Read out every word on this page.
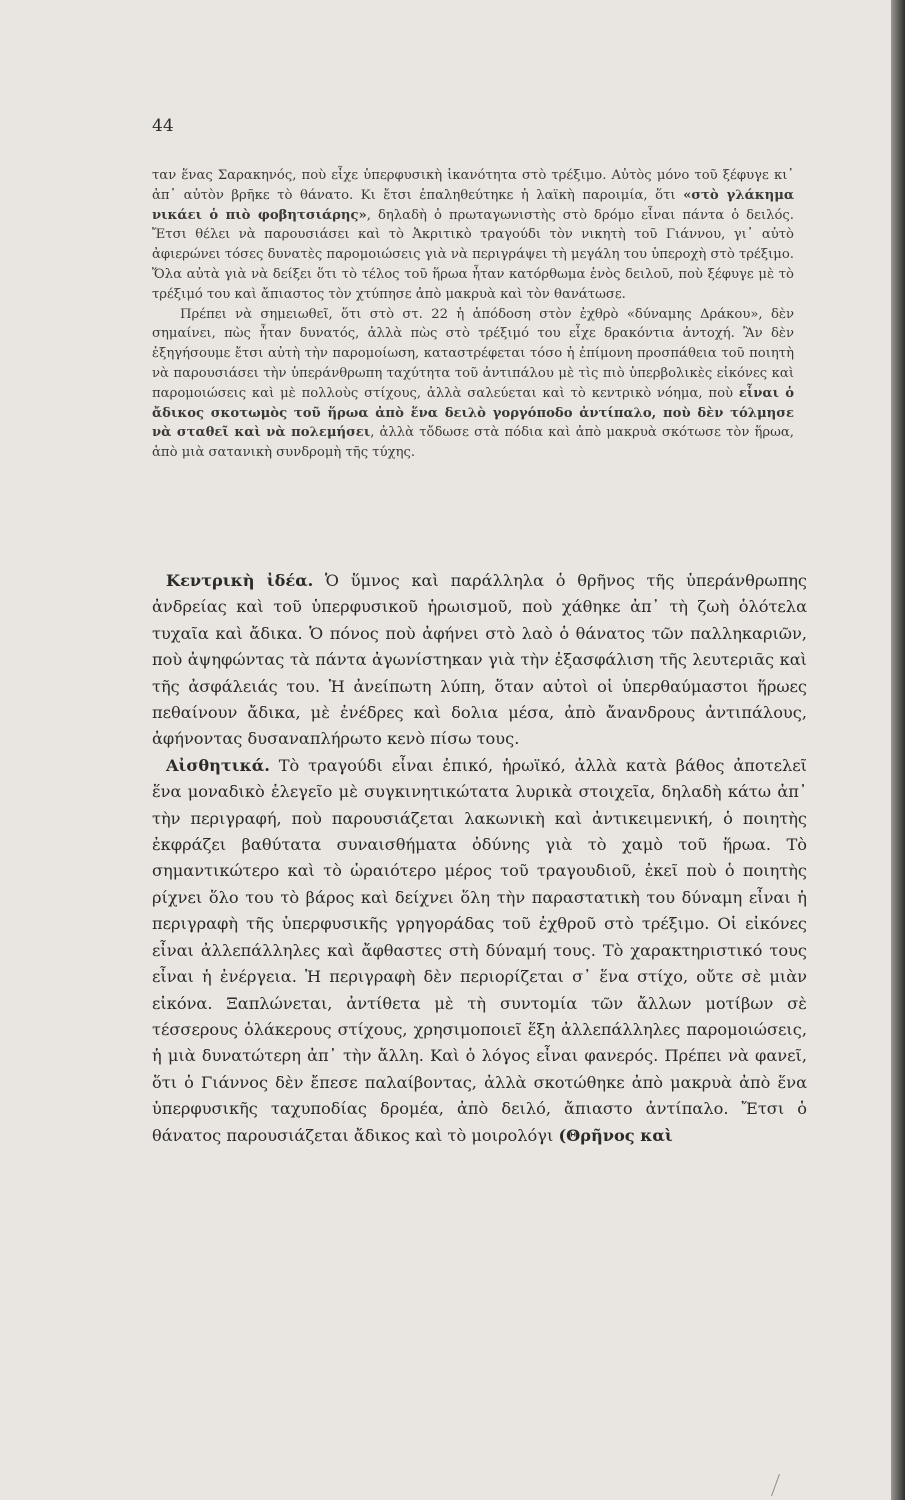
44

ταν ἕνας Σαρακηνός, ποὺ εἶχε ὑπερφυσικὴ ἱκανότητα στὸ τρέξιμο. Αὐτὸς μόνο τοῦ ξέφυγε κι᾽ ἀπ᾽ αὐτὸν βρῆκε τὸ θάνατο. Κι ἔτσι ἐπαληθεύτηκε ἡ λαϊκὴ παροιμία, ὅτι «στὸ γλάκημα νικάει ὁ πιὸ φοβητσιάρης», δηλαδὴ ὁ πρωταγωνιστὴς στὸ δρόμο εἶναι πάντα ὁ δειλός. Ἔτσι θέλει νὰ παρουσιάσει καὶ τὸ Ἀκριτικὸ τραγούδι τὸν νικητὴ τοῦ Γιάννου, γι᾽ αὐτὸ ἀφιερώνει τόσες δυνατὲς παρομοιώσεις γιὰ νὰ περιγράψει τὴ μεγάλη του ὑπεροχὴ στὸ τρέξιμο. Ὅλα αὐτὰ γιὰ νὰ δείξει ὅτι τὸ τέλος τοῦ ἥρωα ἦταν κατόρθωμα ἑνὸς δειλοῦ, ποὺ ξέφυγε μὲ τὸ τρέξιμό του καὶ ἄπιαστος τὸν χτύπησε ἀπὸ μακρυὰ καὶ τὸν θανάτωσε.

Πρέπει νὰ σημειωθεῖ, ὅτι στὸ στ. 22 ἡ ἀπόδοση στὸν ἐχθρὸ «δύναμης Δράκου», δὲν σημαίνει, πὼς ἦταν δυνατός, ἀλλὰ πὼς στὸ τρέξιμό του εἶχε δρακόντια ἀντοχή. Ἂν δὲν ἐξηγήσουμε ἔτσι αὐτὴ τὴν παρομοίωση, καταστρέφεται τόσο ἡ ἐπίμονη προσπάθεια τοῦ ποιητὴ νὰ παρουσιάσει τὴν ὑπεράνθρωπη ταχύτητα τοῦ ἀντιπάλου μὲ τὶς πιὸ ὑπερβολικὲς εἰκόνες καὶ παρομοιώσεις καὶ μὲ πολλοὺς στίχους, ἀλλὰ σαλεύεται καὶ τὸ κεντρικὸ νόημα, ποὺ εἶναι ὁ ἄδικος σκοτωμὸς τοῦ ἥρωα ἀπὸ ἕνα δειλὸ γοργόποδο ἀντίπαλο, ποὺ δὲν τόλμησε νὰ σταθεῖ καὶ νὰ πολεμήσει, ἀλλὰ τὄδωσε στὰ πόδια καὶ ἀπὸ μακρυὰ σκότωσε τὸν ἥρωα, ἀπὸ μιὰ σατανικὴ συνδρομὴ τῆς τύχης.

Κεντρικὴ ἰδέα. Ὁ ὕμνος καὶ παράλληλα ὁ θρῆνος τῆς ὑπεράνθρωπης ἀνδρείας καὶ τοῦ ὑπερφυσικοῦ ἡρωισμοῦ, ποὺ χάθηκε ἀπ᾽ τὴ ζωὴ ὁλότελα τυχαῖα καὶ ἄδικα. Ὁ πόνος ποὺ ἀφήνει στὸ λαὸ ὁ θάνατος τῶν παλληκαριῶν, ποὺ ἀψηφώντας τὰ πάντα ἀγωνίστηκαν γιὰ τὴν ἐξασφάλιση τῆς λευτεριᾶς καὶ τῆς ἀσφάλειάς του. Ἡ ἀνείπωτη λύπη, ὅταν αὐτοὶ οἱ ὑπερθαύμαστοι ἥρωες πεθαίνουν ἄδικα, μὲ ἐνέδρες καὶ δολια μέσα, ἀπὸ ἄνανδρους ἀντιπάλους, ἀφήνοντας δυσαναπλήρωτο κενὸ πίσω τους.

Αἰσθητικά. Τὸ τραγούδι εἶναι ἐπικό, ἡρωϊκό, ἀλλὰ κατὰ βάθος ἀποτελεῖ ἕνα μοναδικὸ ἐλεγεῖο μὲ συγκινητικώτατα λυρικὰ στοιχεῖα, δηλαδὴ κάτω ἀπ᾽ τὴν περιγραφή, ποὺ παρουσιάζεται λακωνικὴ καὶ ἀντικειμενική, ὁ ποιητὴς ἐκφράζει βαθύτατα συναισθήματα ὀδύνης γιὰ τὸ χαμὸ τοῦ ἥρωα. Τὸ σημαντικώτερο καὶ τὸ ὡραιότερο μέρος τοῦ τραγουδιοῦ, ἐκεῖ ποὺ ὁ ποιητὴς ρίχνει ὅλο του τὸ βάρος καὶ δείχνει ὅλη τὴν παραστατικὴ του δύναμη εἶναι ἡ περιγραφὴ τῆς ὑπερφυσικῆς γρηγοράδας τοῦ ἐχθροῦ στὸ τρέξιμο. Οἱ εἰκόνες εἶναι ἀλλεπάλληλες καὶ ἄφθαστες στὴ δύναμή τους. Τὸ χαρακτηριστικό τους εἶναι ἡ ἐνέργεια. Ἡ περιγραφὴ δὲν περιορίζεται σ᾽ ἕνα στίχο, οὔτε σὲ μιὰν εἰκόνα. Ξαπλώνεται, ἀντίθετα μὲ τὴ συντομία τῶν ἄλλων μοτίβων σὲ τέσσερους ὁλάκερους στίχους, χρησιμοποιεῖ ἕξη ἀλλεπάλληλες παρομοιώσεις, ἡ μιὰ δυνατώτερη ἀπ᾽ τὴν ἄλλη. Καὶ ὁ λόγος εἶναι φανερός. Πρέπει νὰ φανεῖ, ὅτι ὁ Γιάννος δὲν ἔπεσε παλαίβοντας, ἀλλὰ σκοτώθηκε ἀπὸ μακρυὰ ἀπὸ ἕνα ὑπερφυσικῆς ταχυποδίας δρομέα, ἀπὸ δειλό, ἄπιαστο ἀντίπαλο. Ἔτσι ὁ θάνατος παρουσιάζεται ἄδικος καὶ τὸ μοιρολόγι (Θρῆνος καὶ
